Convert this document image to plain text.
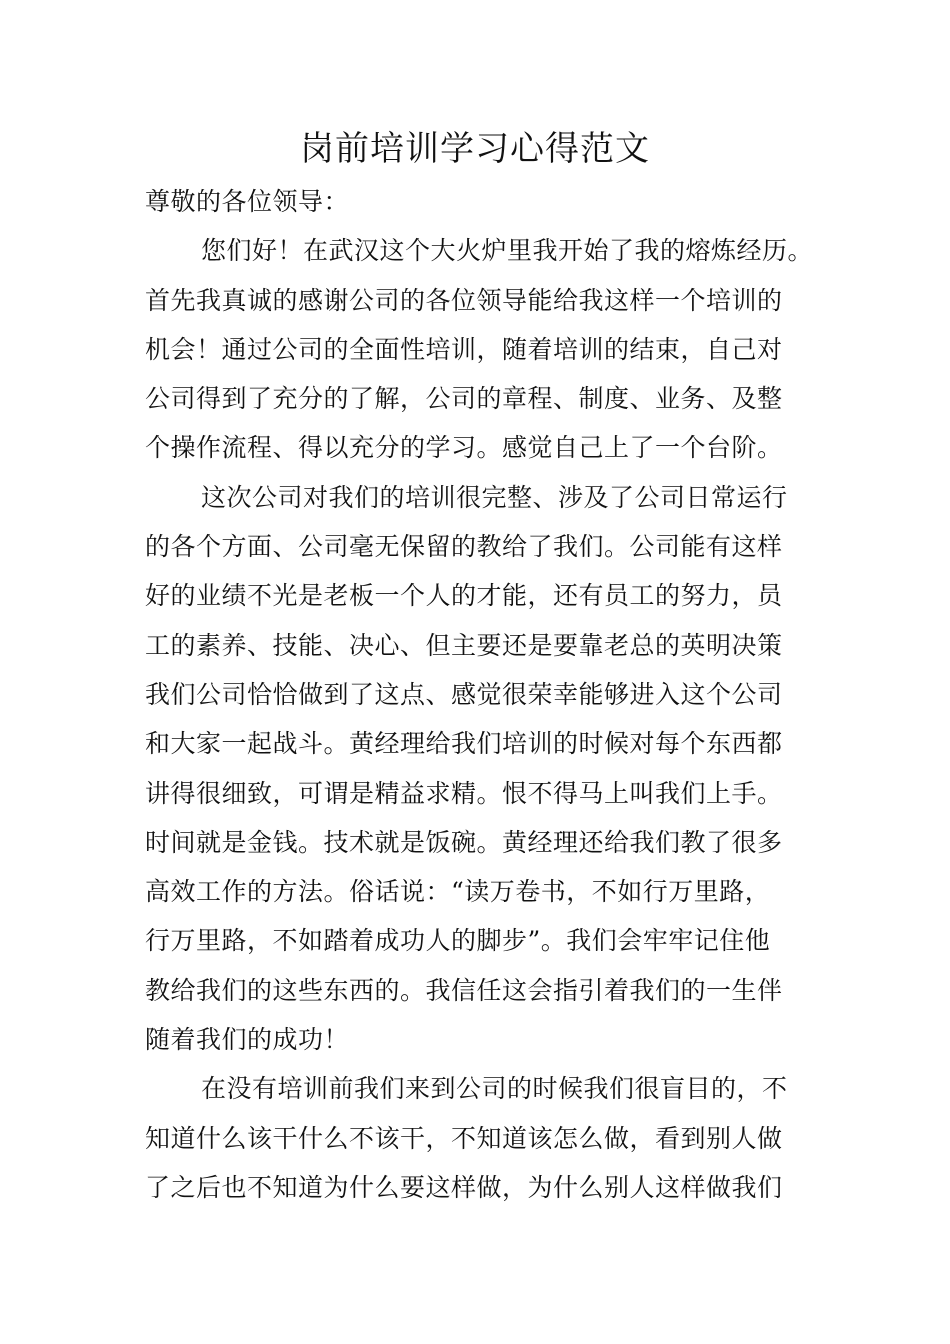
岗前培训学习心得范文
尊敬的各位领导：
您们好！在武汉这个大火炉里我开始了我的熔炼经历。
首先我真诚的感谢公司的各位领导能给我这样一个培训的
机会！通过公司的全面性培训，随着培训的结束，自己对
公司得到了充分的了解，公司的章程、制度、业务、及整
个操作流程、得以充分的学习。感觉自己上了一个台阶。
这次公司对我们的培训很完整、涉及了公司日常运行
的各个方面、公司毫无保留的教给了我们。公司能有这样
好的业绩不光是老板一个人的才能，还有员工的努力，员
工的素养、技能、决心、但主要还是要靠老总的英明决策
我们公司恰恰做到了这点、感觉很荣幸能够进入这个公司
和大家一起战斗。黄经理给我们培训的时候对每个东西都
讲得很细致，可谓是精益求精。恨不得马上叫我们上手。
时间就是金钱。技术就是饭碗。黄经理还给我们教了很多
高效工作的方法。俗话说：“读万卷书，不如行万里路，
行万里路，不如踏着成功人的脚步”。我们会牢牢记住他
教给我们的这些东西的。我信任这会指引着我们的一生伴
随着我们的成功！
在没有培训前我们来到公司的时候我们很盲目的，不
知道什么该干什么不该干，不知道该怎么做，看到别人做
了之后也不知道为什么要这样做，为什么别人这样做我们
